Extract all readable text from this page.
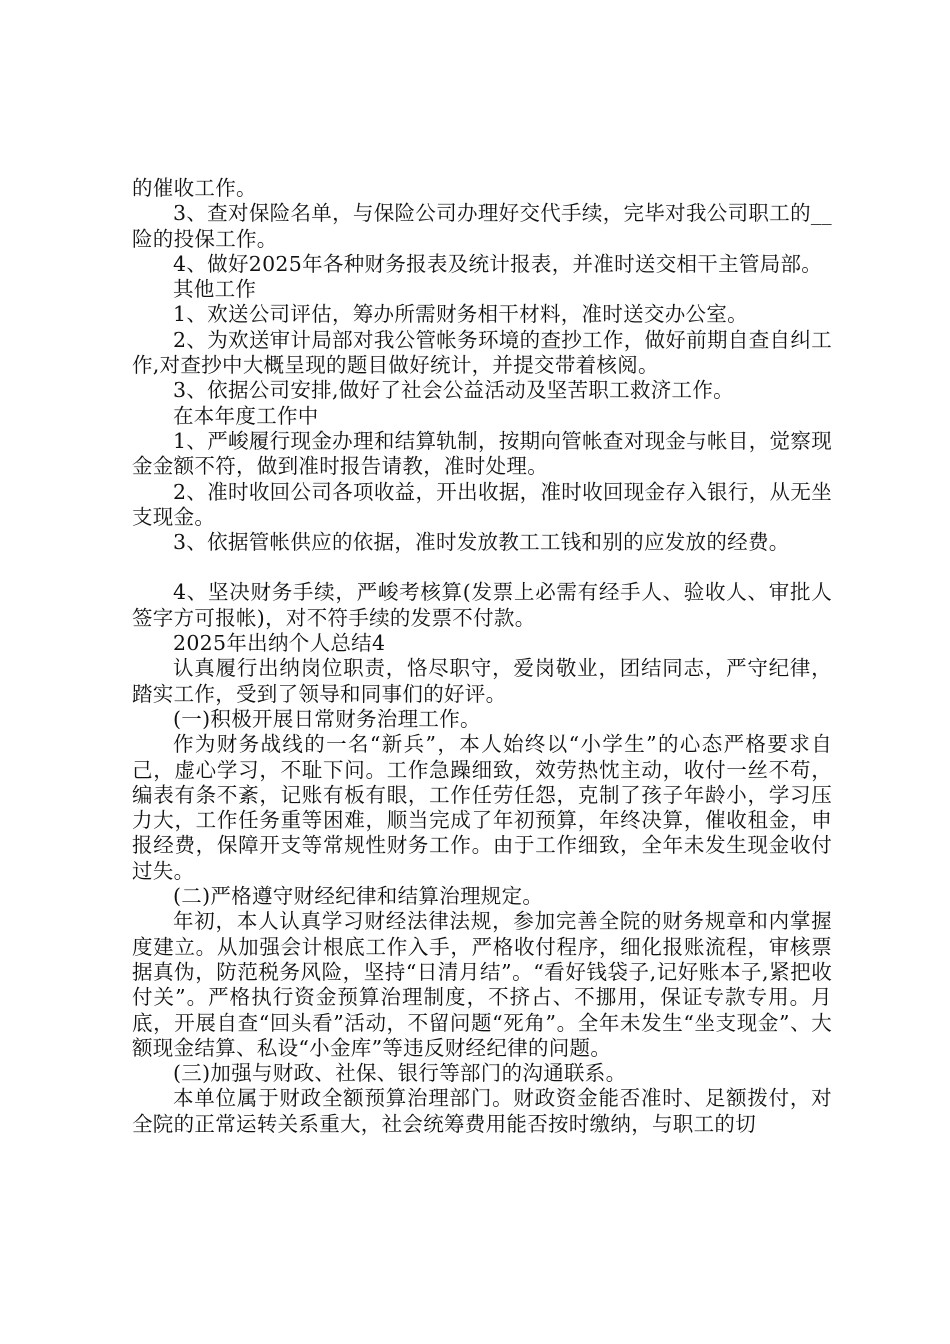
的催收工作。

3、查对保险名单，与保险公司办理好交代手续，完毕对我公司职工的__险的投保工作。

4、做好2025年各种财务报表及统计报表，并准时送交相干主管局部。

其他工作

1、欢送公司评估，筹办所需财务相干材料，准时送交办公室。

2、为欢送审计局部对我公管帐务环境的查抄工作，做好前期自查自纠工作,对查抄中大概呈现的题目做好统计，并提交带着核阅。

3、依据公司安排,做好了社会公益活动及坚苦职工救济工作。

在本年度工作中

1、严峻履行现金办理和结算轨制，按期向管帐查对现金与帐目，觉察现金金额不符，做到准时报告请教，准时处理。

2、准时收回公司各项收益，开出收据，准时收回现金存入银行，从无坐支现金。

3、依据管帐供应的依据，准时发放教工工钱和别的应发放的经费。

4、坚决财务手续，严峻考核算(发票上必需有经手人、验收人、审批人签字方可报帐)，对不符手续的发票不付款。

2025年出纳个人总结4

认真履行出纳岗位职责，恪尽职守，爱岗敬业，团结同志，严守纪律，踏实工作，受到了领导和同事们的好评。

(一)积极开展日常财务治理工作。

作为财务战线的一名“新兵”，本人始终以“小学生”的心态严格要求自己，虚心学习，不耻下问。工作急躁细致，效劳热忱主动，收付一丝不苟，编表有条不紊，记账有板有眼，工作任劳任怨，克制了孩子年龄小，学习压力大，工作任务重等困难，顺当完成了年初预算，年终决算，催收租金，申报经费，保障开支等常规性财务工作。由于工作细致，全年未发生现金收付过失。

(二)严格遵守财经纪律和结算治理规定。

年初，本人认真学习财经法律法规，参加完善全院的财务规章和内掌握度建立。从加强会计根底工作入手，严格收付程序，细化报账流程，审核票据真伪，防范税务风险，坚持“日清月结”。“看好钱袋子,记好账本子,紧把收付关”。严格执行资金预算治理制度，不挤占、不挪用，保证专款专用。月底，开展自查“回头看”活动，不留问题“死角”。全年未发生“坐支现金”、大额现金结算、私设“小金库”等违反财经纪律的问题。

(三)加强与财政、社保、银行等部门的沟通联系。

本单位属于财政全额预算治理部门。财政资金能否准时、足额拨付，对全院的正常运转关系重大，社会统筹费用能否按时缴纳，与职工的切
